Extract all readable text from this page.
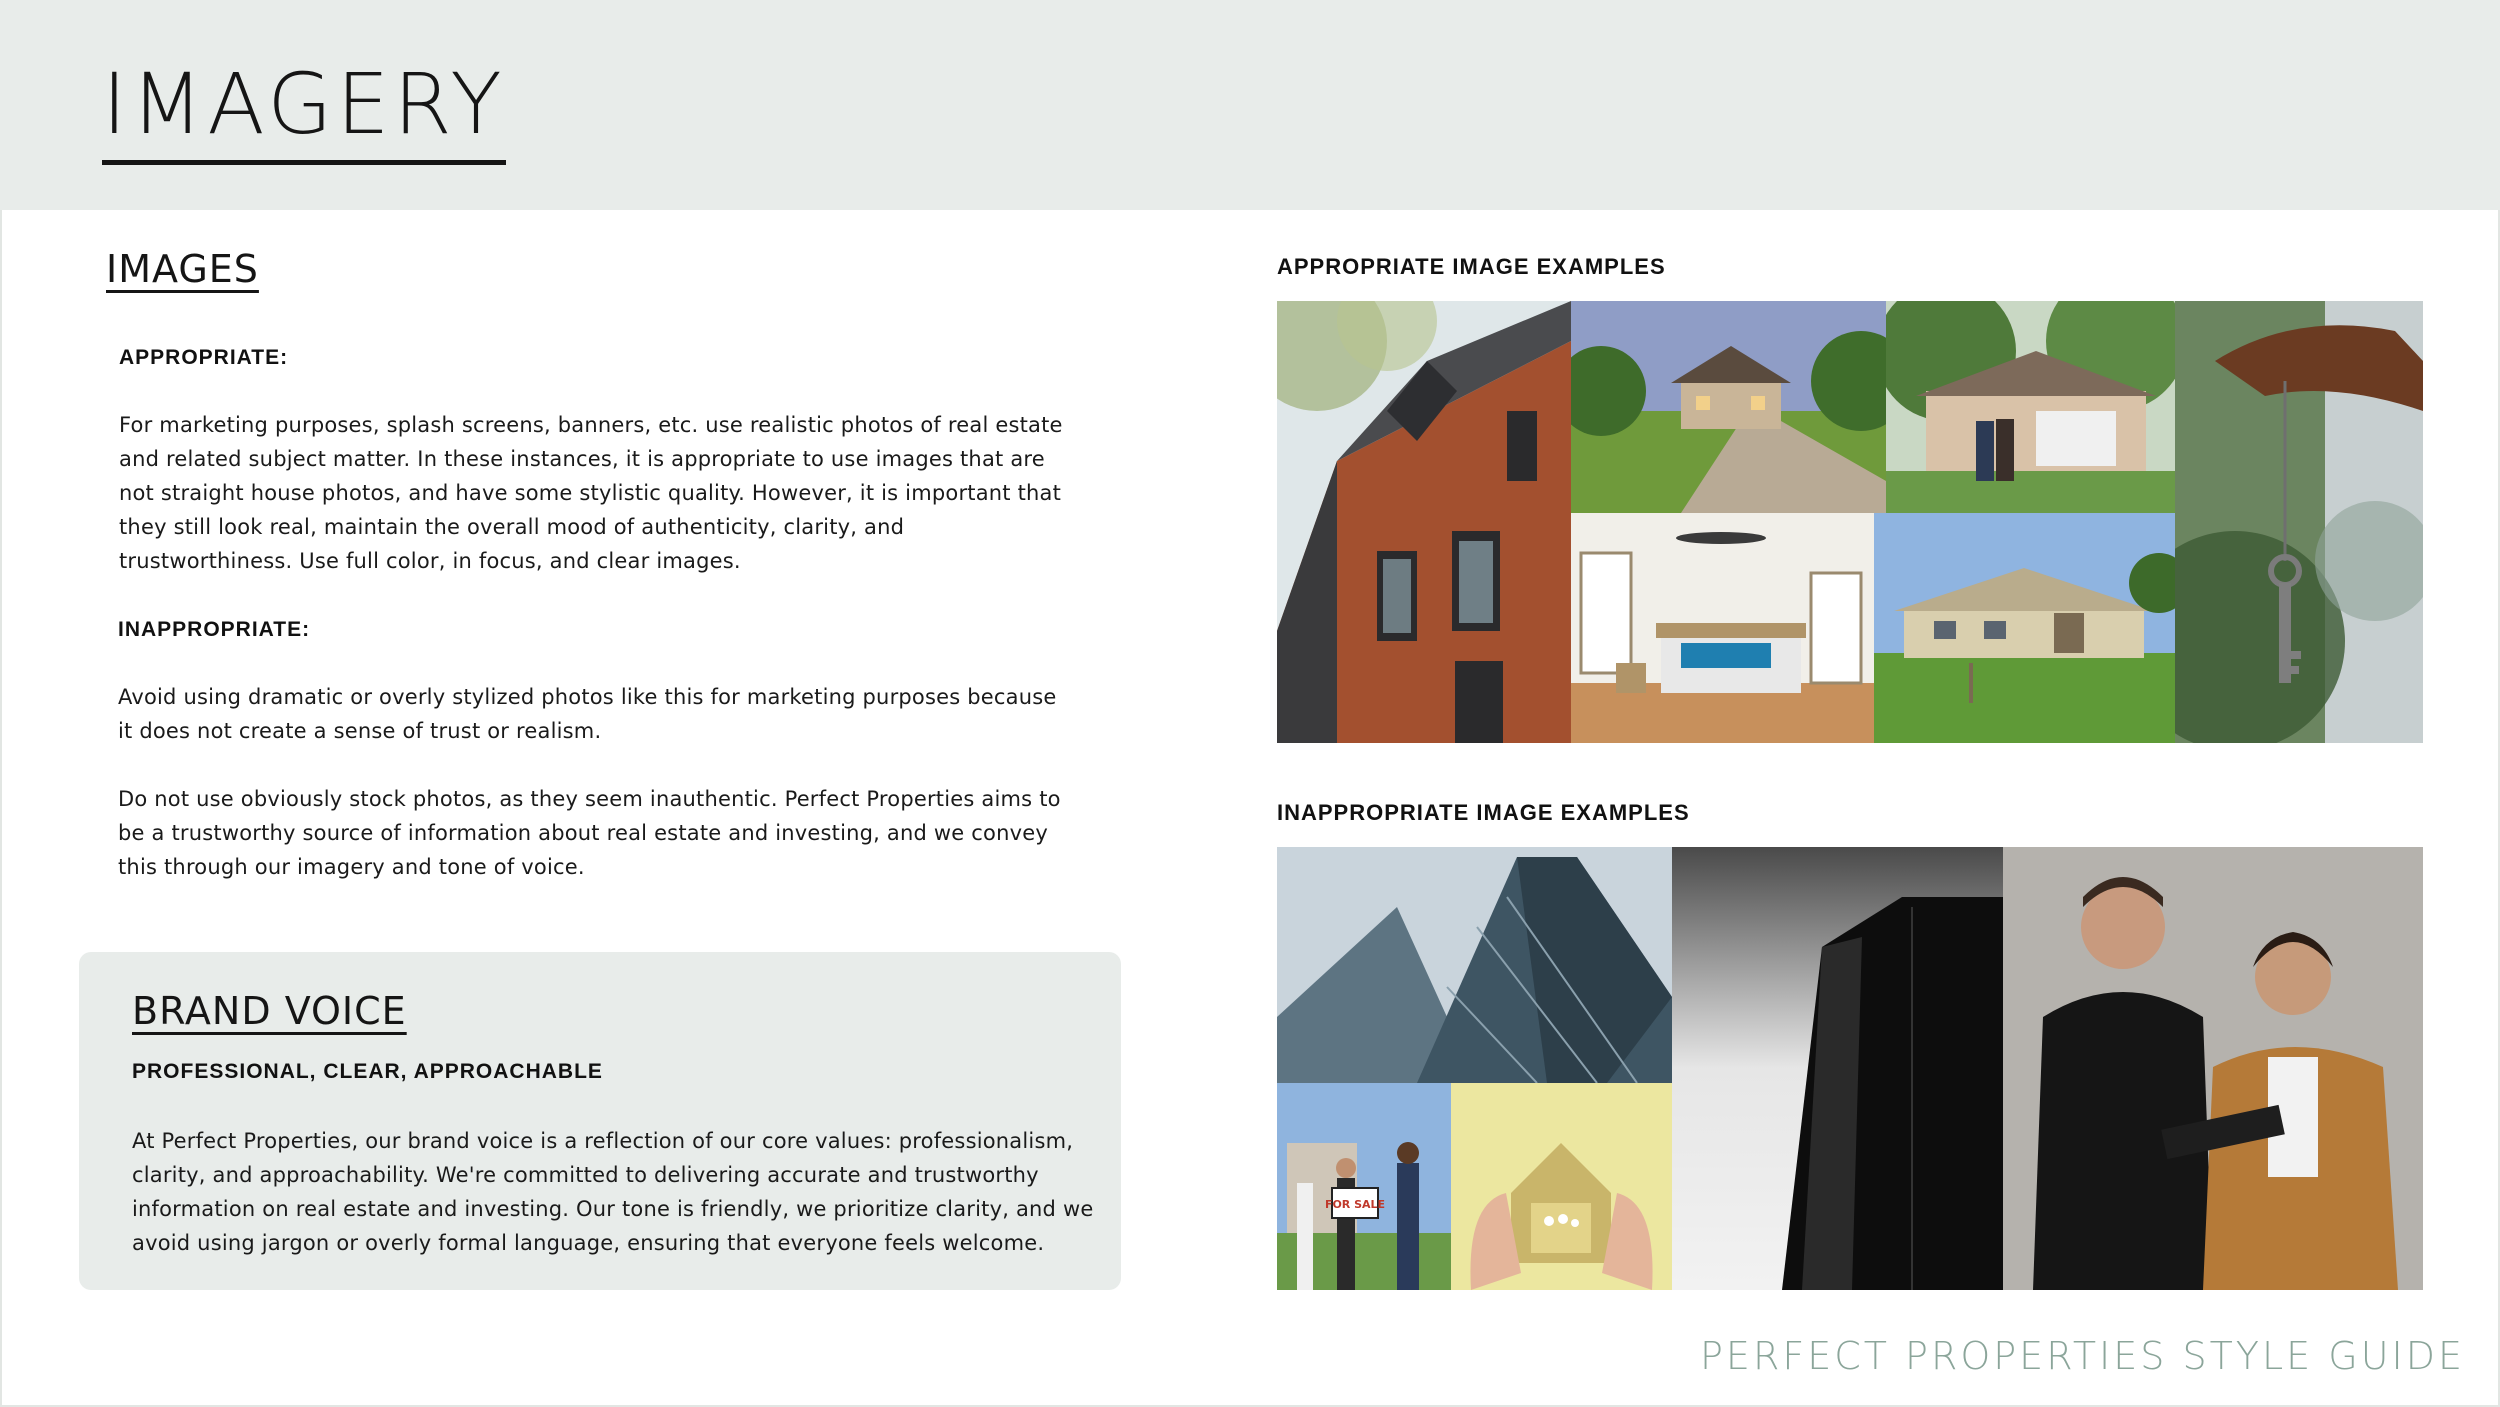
IMAGERY
IMAGES
APPROPRIATE:
For marketing purposes, splash screens, banners, etc. use realistic photos of real estate and related subject matter. In these instances, it is appropriate to use images that are not straight house photos, and have some stylistic quality. However, it is important that they still look real, maintain the overall mood of authenticity, clarity, and trustworthiness. Use full color, in focus, and clear images.
INAPPROPRIATE:
Avoid using dramatic or overly stylized photos like this for marketing purposes because it does not create a sense of trust or realism.
Do not use obviously stock photos, as they seem inauthentic. Perfect Properties aims to be a trustworthy source of information about real estate and investing, and we convey this through our imagery and tone of voice.
BRAND VOICE
PROFESSIONAL, CLEAR, APPROACHABLE
At Perfect Properties, our brand voice is a reflection of our core values: professionalism, clarity, and approachability. We're committed to delivering accurate and trustworthy information on real estate and investing. Our tone is friendly, we prioritize clarity, and we avoid using jargon or overly formal language, ensuring that everyone feels welcome.
APPROPRIATE IMAGE EXAMPLES
INAPPROPRIATE IMAGE EXAMPLES
FOR SALE
PERFECT PROPERTIES STYLE GUIDE
